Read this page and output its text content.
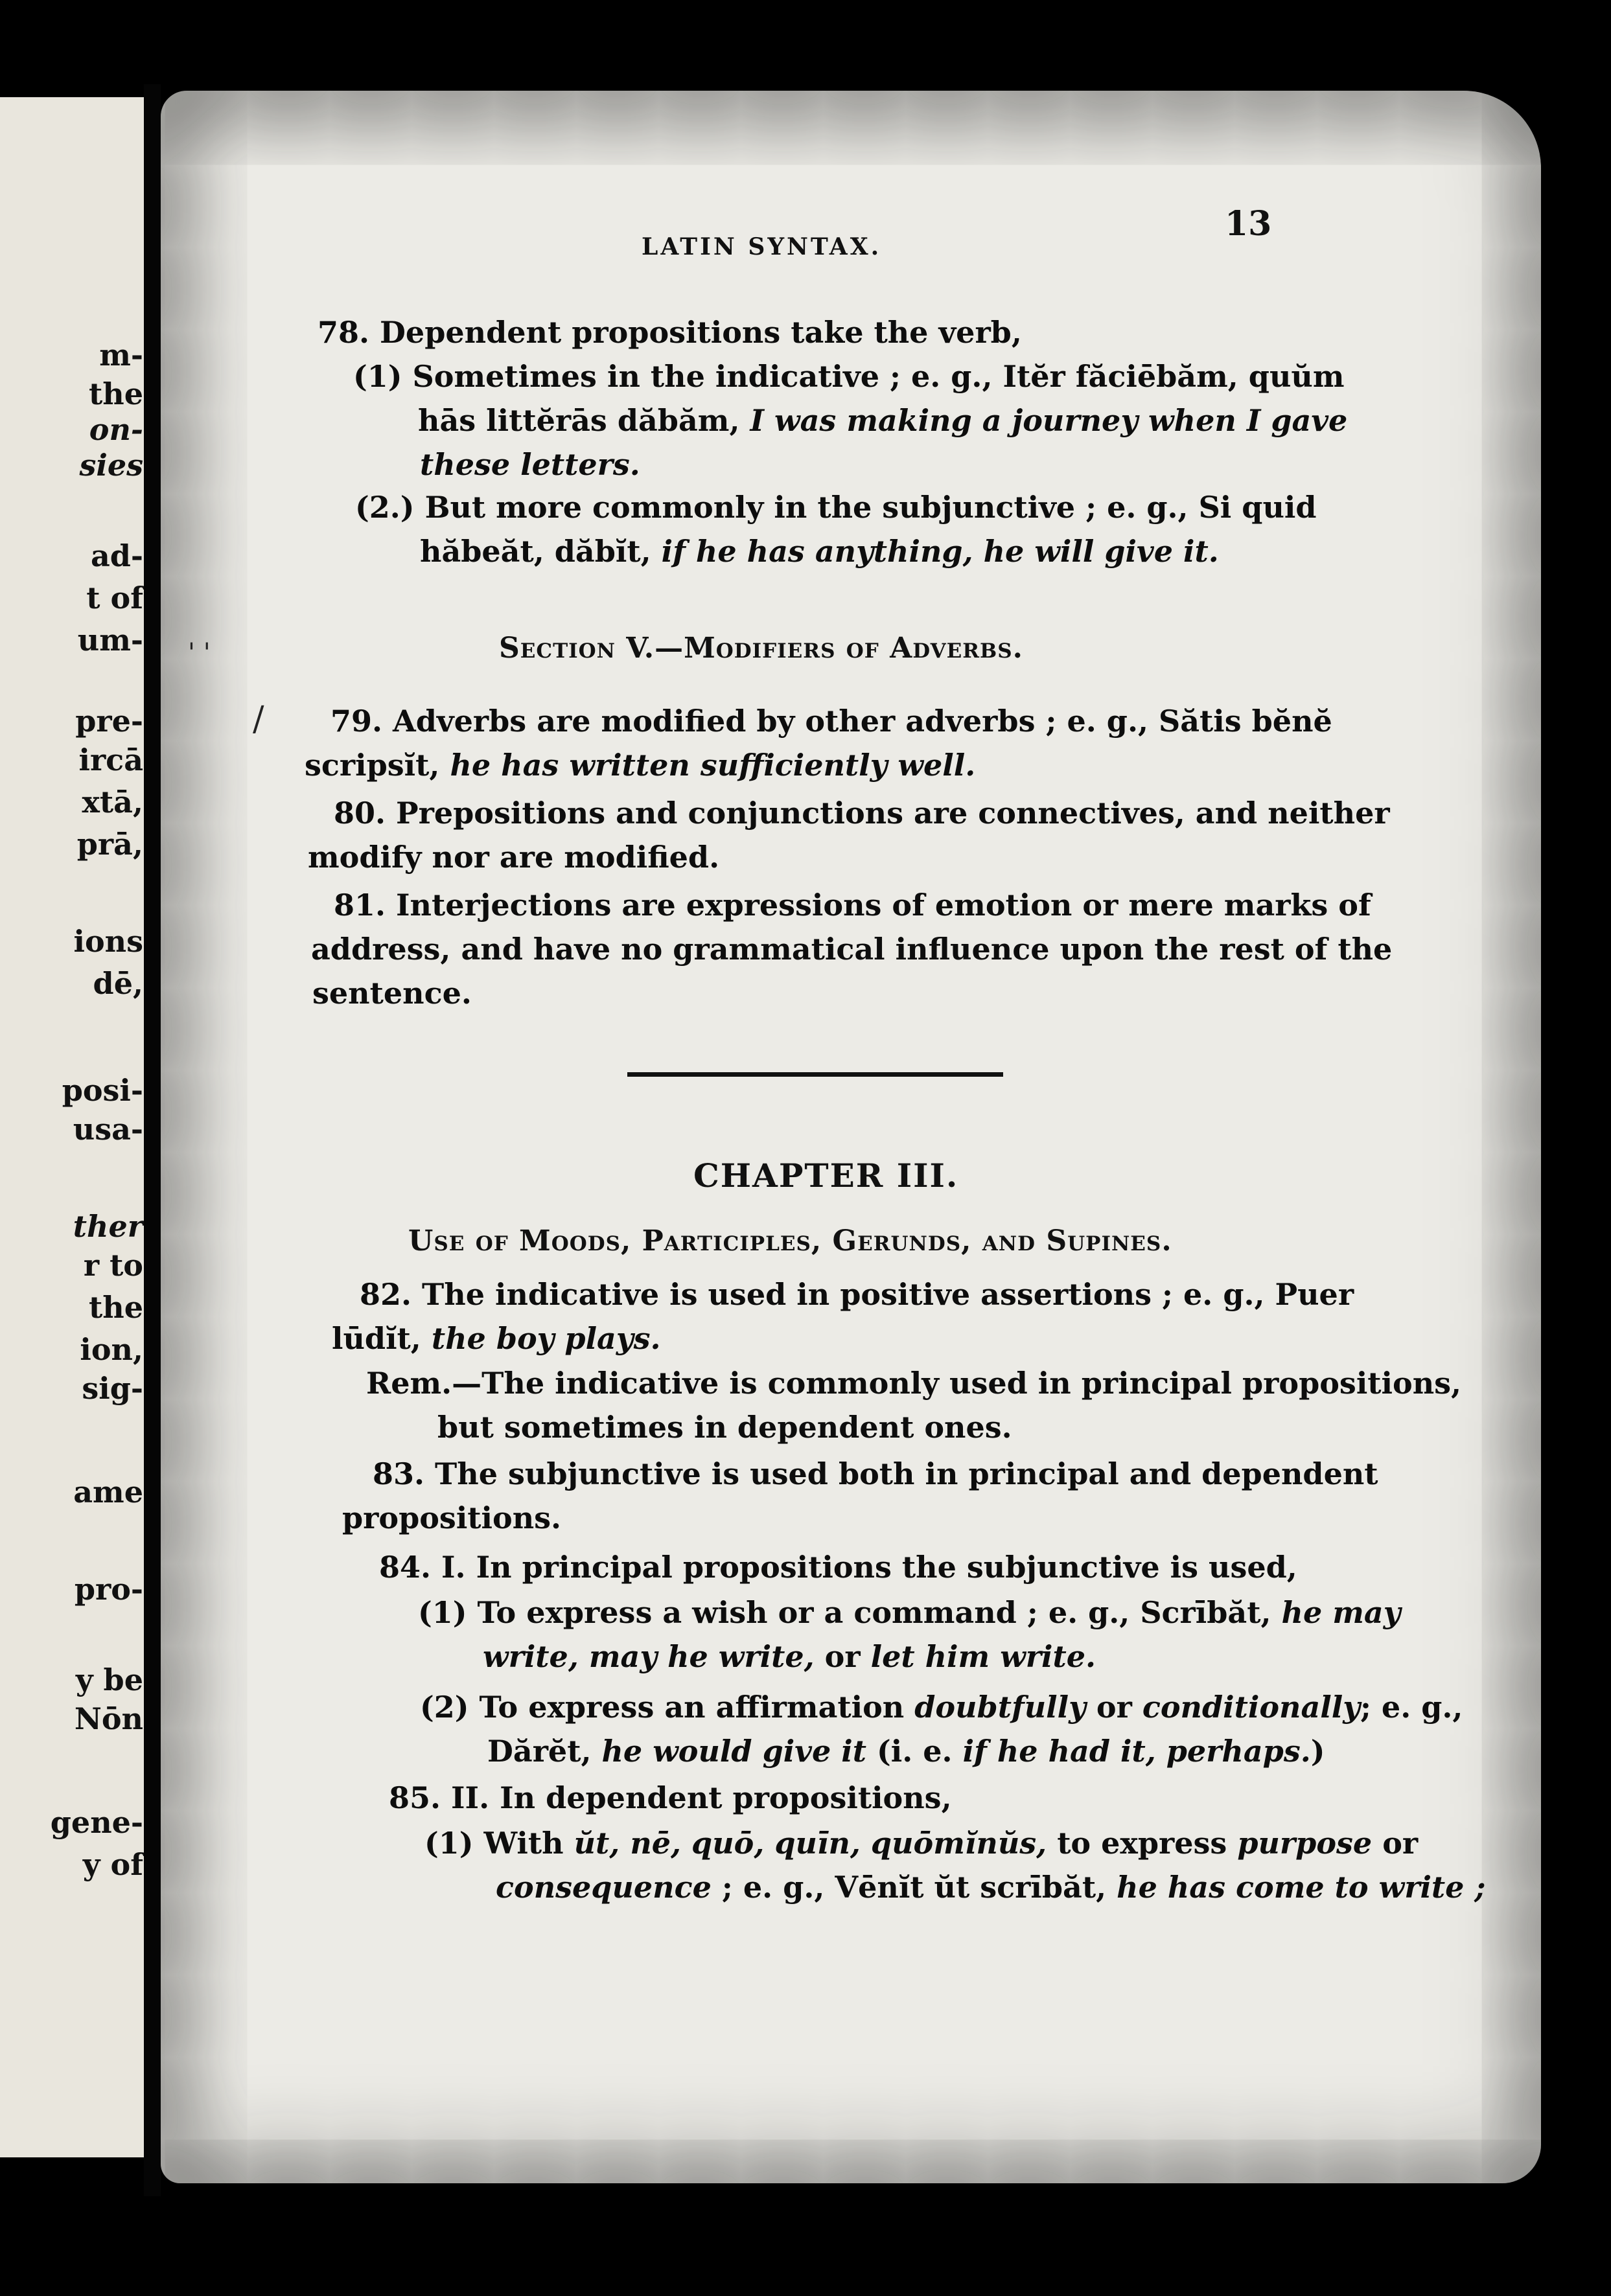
m-
the
on-
sies
ad-
t of
um-
pre-
ircā
xtā,
prā,
ions
dē,
posi-
usa-
ther
r to
the
ion,
sig-
ame
pro-
y be
Nōn
gene-
y of
LATIN SYNTAX.
13
78. Dependent propositions take the verb,
(1) Sometimes in the indicative ; e. g., Itĕr făciēbăm, quŭm
hās littĕrās dăbăm, I was making a journey when I gave
these letters.
(2.) But more commonly in the subjunctive ; e. g., Si quid
hăbeăt, dăbĭt, if he has anything, he will give it.
Section V.—Modifiers of Adverbs.
79. Adverbs are modified by other adverbs ; e. g., Sătis bĕnĕ
scripsĭt, he has written sufficiently well.
80. Prepositions and conjunctions are connectives, and neither
modify nor are modified.
81. Interjections are expressions of emotion or mere marks of
address, and have no grammatical influence upon the rest of the
sentence.
CHAPTER III.
Use of Moods, Participles, Gerunds, and Supines.
82. The indicative is used in positive assertions ; e. g., Puer
lūdĭt, the boy plays.
Rem.—The indicative is commonly used in principal propositions,
but sometimes in dependent ones.
83. The subjunctive is used both in principal and dependent
propositions.
84. I. In principal propositions the subjunctive is used,
(1) To express a wish or a command ; e. g., Scrībăt, he may
write, may he write, or let him write.
(2) To express an affirmation doubtfully or conditionally; e. g.,
Dărĕt, he would give it (i. e. if he had it, perhaps.)
85. II. In dependent propositions,
(1) With ŭt, nē, quō, quīn, quōmĭnŭs, to express purpose or
consequence ; e. g., Vēnĭt ŭt scrībăt, he has come to write ;
' '
/
